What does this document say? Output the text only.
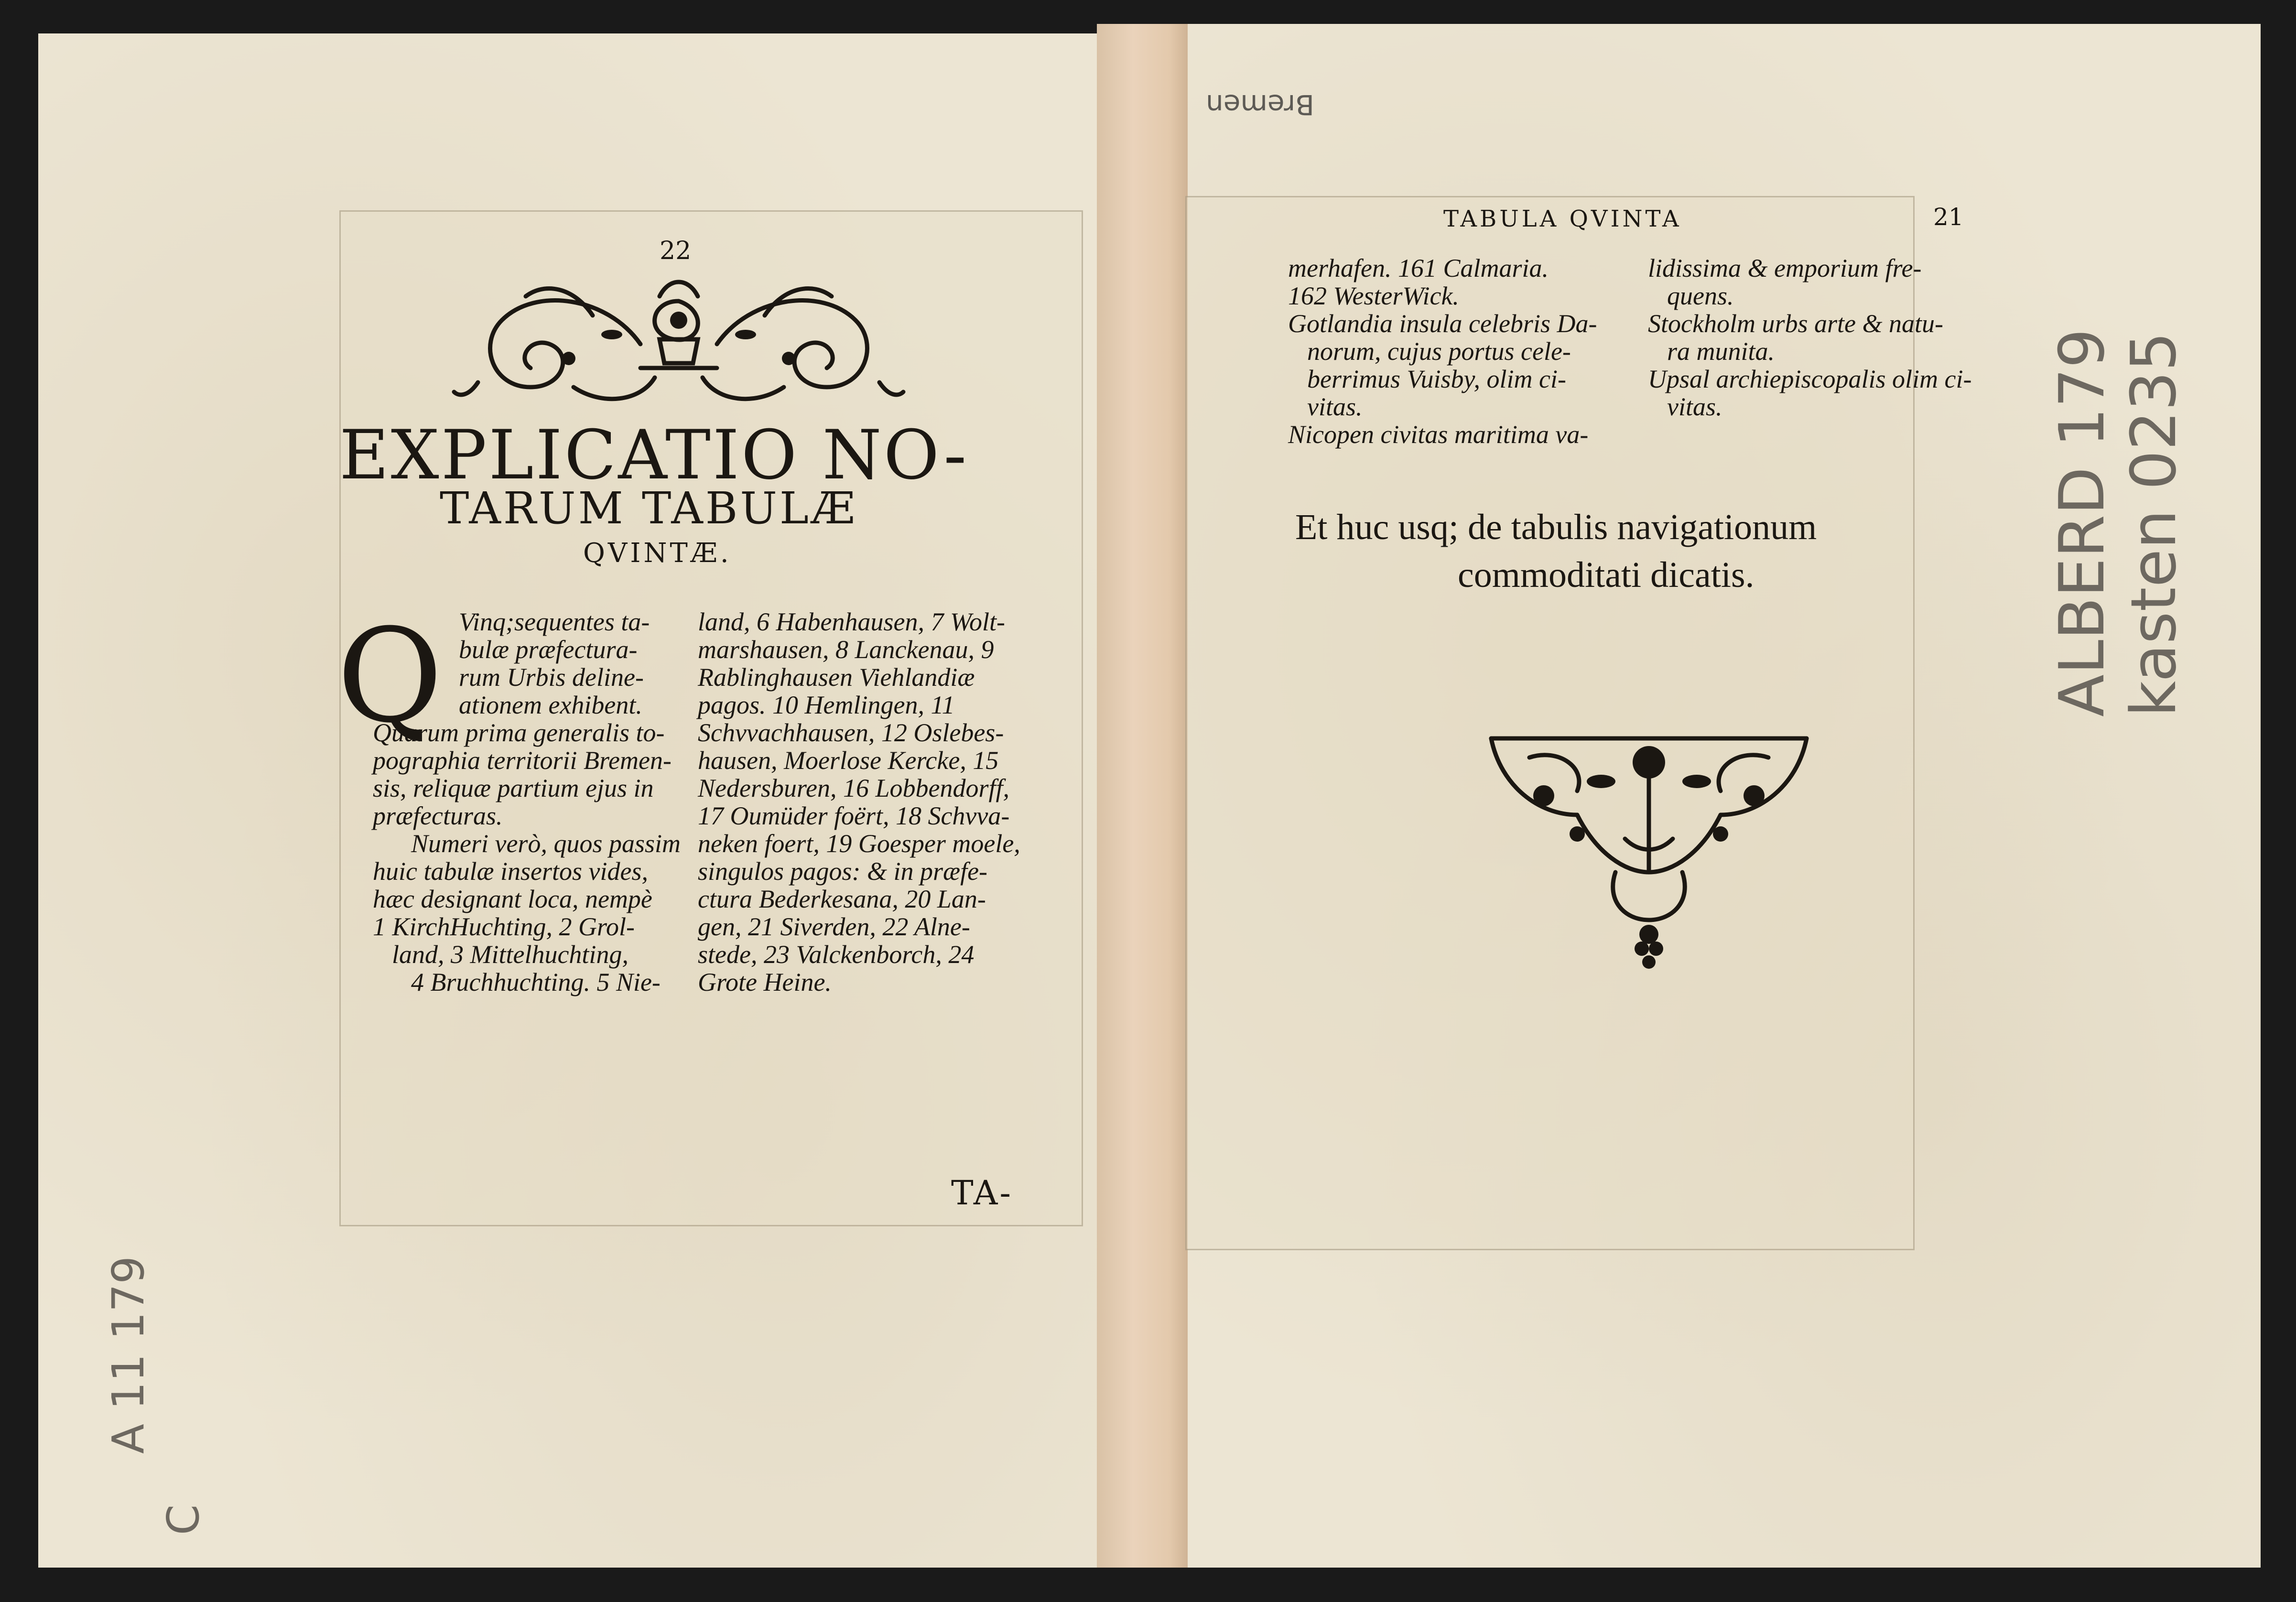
22

EXPLICATIO NO-

TARUM TABULÆ

QVINTÆ.

Q Vinq;sequentes ta-
bulæ præfectura-
rum Urbis deline-
ationem exhibent.
Quarum prima generalis to-
pographia territorii Bremen-
sis, reliquæ partium ejus in
præfecturas.
Numeri verò, quos passim
huic tabulæ insertos vides,
hæc designant loca, nempè
1 KirchHuchting, 2 Grol-
land, 3 Mittelhuchting,
4 Bruchhuchting. 5 Nie-
land, 6 Habenhausen, 7 Wolt-
marshausen, 8 Lanckenau, 9
Rablinghausen Viehlandiæ
pagos. 10 Hemlingen, 11
Schvvachhausen, 12 Oslebes-
hausen, Moerlose Kercke, 15
Nedersburen, 16 Lobbendorff,
17 Oumüder foërt, 18 Schvva-
neken foert, 19 Goesper moele,
singulos pagos: & in præfe-
ctura Bederkesana, 20 Lan-
gen, 21 Siverden, 22 Alne-
stede, 23 Valckenborch, 24
Grote Heine.

TA-

TABULA QVINTA	21

merhafen. 161 Calmaria.
162 WesterWick.
Gotlandia insula celebris Da-
norum, cujus portus cele-
berrimus Vuisby, olim ci-
vitas.
Nicopen civitas maritima va-
lidissima & emporium fre-
quens.
Stockholm urbs arte & natu-
ra munita.
Upsal archiepiscopalis olim ci-
vitas.

Et huc usq; de tabulis navigationum

commoditati dicatis.

Bremen

ALBERD 179

kasten 0235

A 11 179

C
